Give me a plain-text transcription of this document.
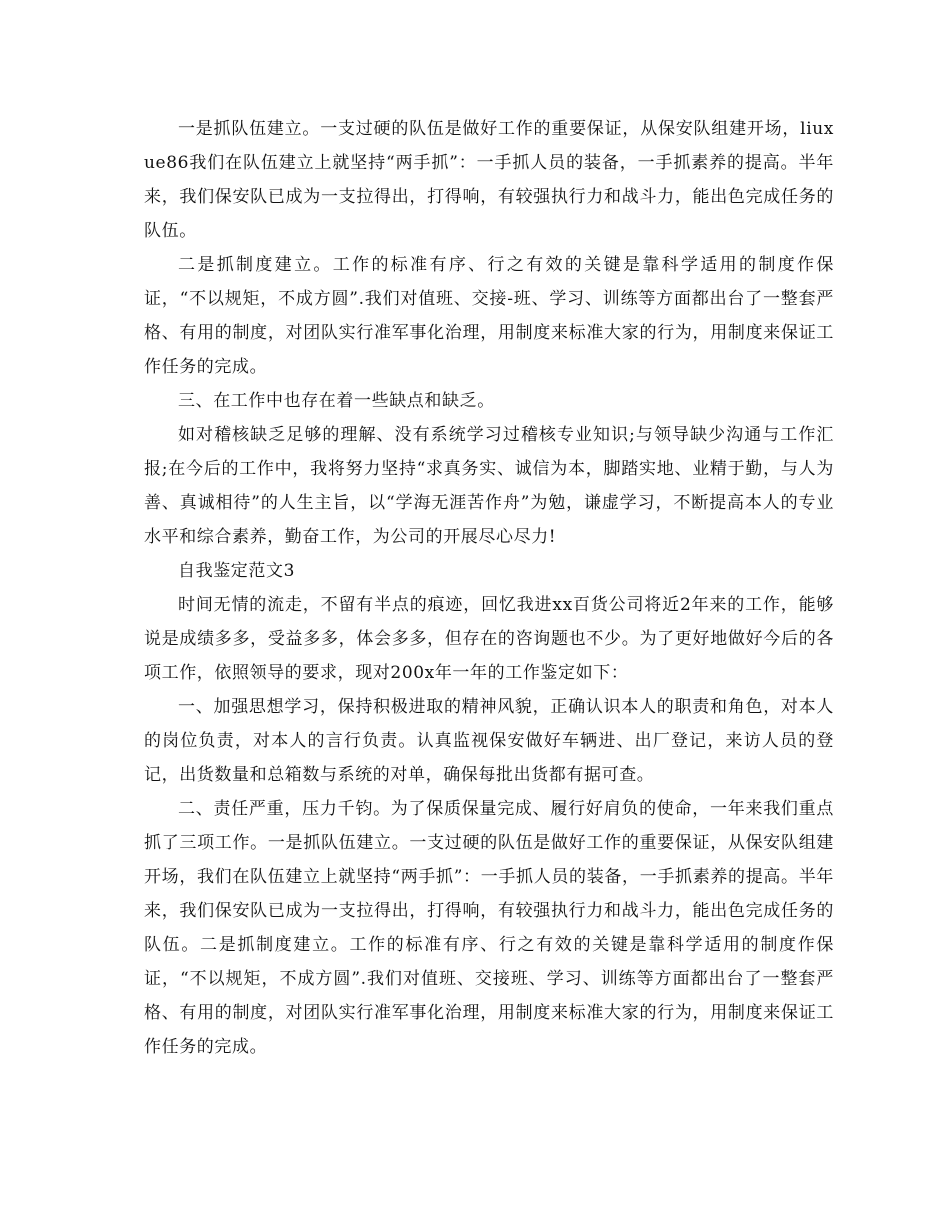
一是抓队伍建立。一支过硬的队伍是做好工作的重要保证，从保安队组建开场，liuxue86我们在队伍建立上就坚持“两手抓”：一手抓人员的装备，一手抓素养的提高。半年来，我们保安队已成为一支拉得出，打得响，有较强执行力和战斗力，能出色完成任务的队伍。

二是抓制度建立。工作的标准有序、行之有效的关键是靠科学适用的制度作保证，“不以规矩，不成方圆”.我们对值班、交接-班、学习、训练等方面都出台了一整套严格、有用的制度，对团队实行准军事化治理，用制度来标准大家的行为，用制度来保证工作任务的完成。

三、在工作中也存在着一些缺点和缺乏。

如对稽核缺乏足够的理解、没有系统学习过稽核专业知识;与领导缺少沟通与工作汇报;在今后的工作中，我将努力坚持“求真务实、诚信为本，脚踏实地、业精于勤，与人为善、真诚相待”的人生主旨，以“学海无涯苦作舟”为勉，谦虚学习，不断提高本人的专业水平和综合素养，勤奋工作，为公司的开展尽心尽力!

自我鉴定范文3

时间无情的流走，不留有半点的痕迹，回忆我进xx百货公司将近2年来的工作，能够说是成绩多多，受益多多，体会多多，但存在的咨询题也不少。为了更好地做好今后的各项工作，依照领导的要求，现对200x年一年的工作鉴定如下：

一、加强思想学习，保持积极进取的精神风貌，正确认识本人的职责和角色，对本人的岗位负责，对本人的言行负责。认真监视保安做好车辆进、出厂登记，来访人员的登记，出货数量和总箱数与系统的对单，确保每批出货都有据可查。

二、责任严重，压力千钧。为了保质保量完成、履行好肩负的使命，一年来我们重点抓了三项工作。一是抓队伍建立。一支过硬的队伍是做好工作的重要保证，从保安队组建开场，我们在队伍建立上就坚持“两手抓”：一手抓人员的装备，一手抓素养的提高。半年来，我们保安队已成为一支拉得出，打得响，有较强执行力和战斗力，能出色完成任务的队伍。二是抓制度建立。工作的标准有序、行之有效的关键是靠科学适用的制度作保证，“不以规矩，不成方圆”.我们对值班、交接班、学习、训练等方面都出台了一整套严格、有用的制度，对团队实行准军事化治理，用制度来标准大家的行为，用制度来保证工作任务的完成。
